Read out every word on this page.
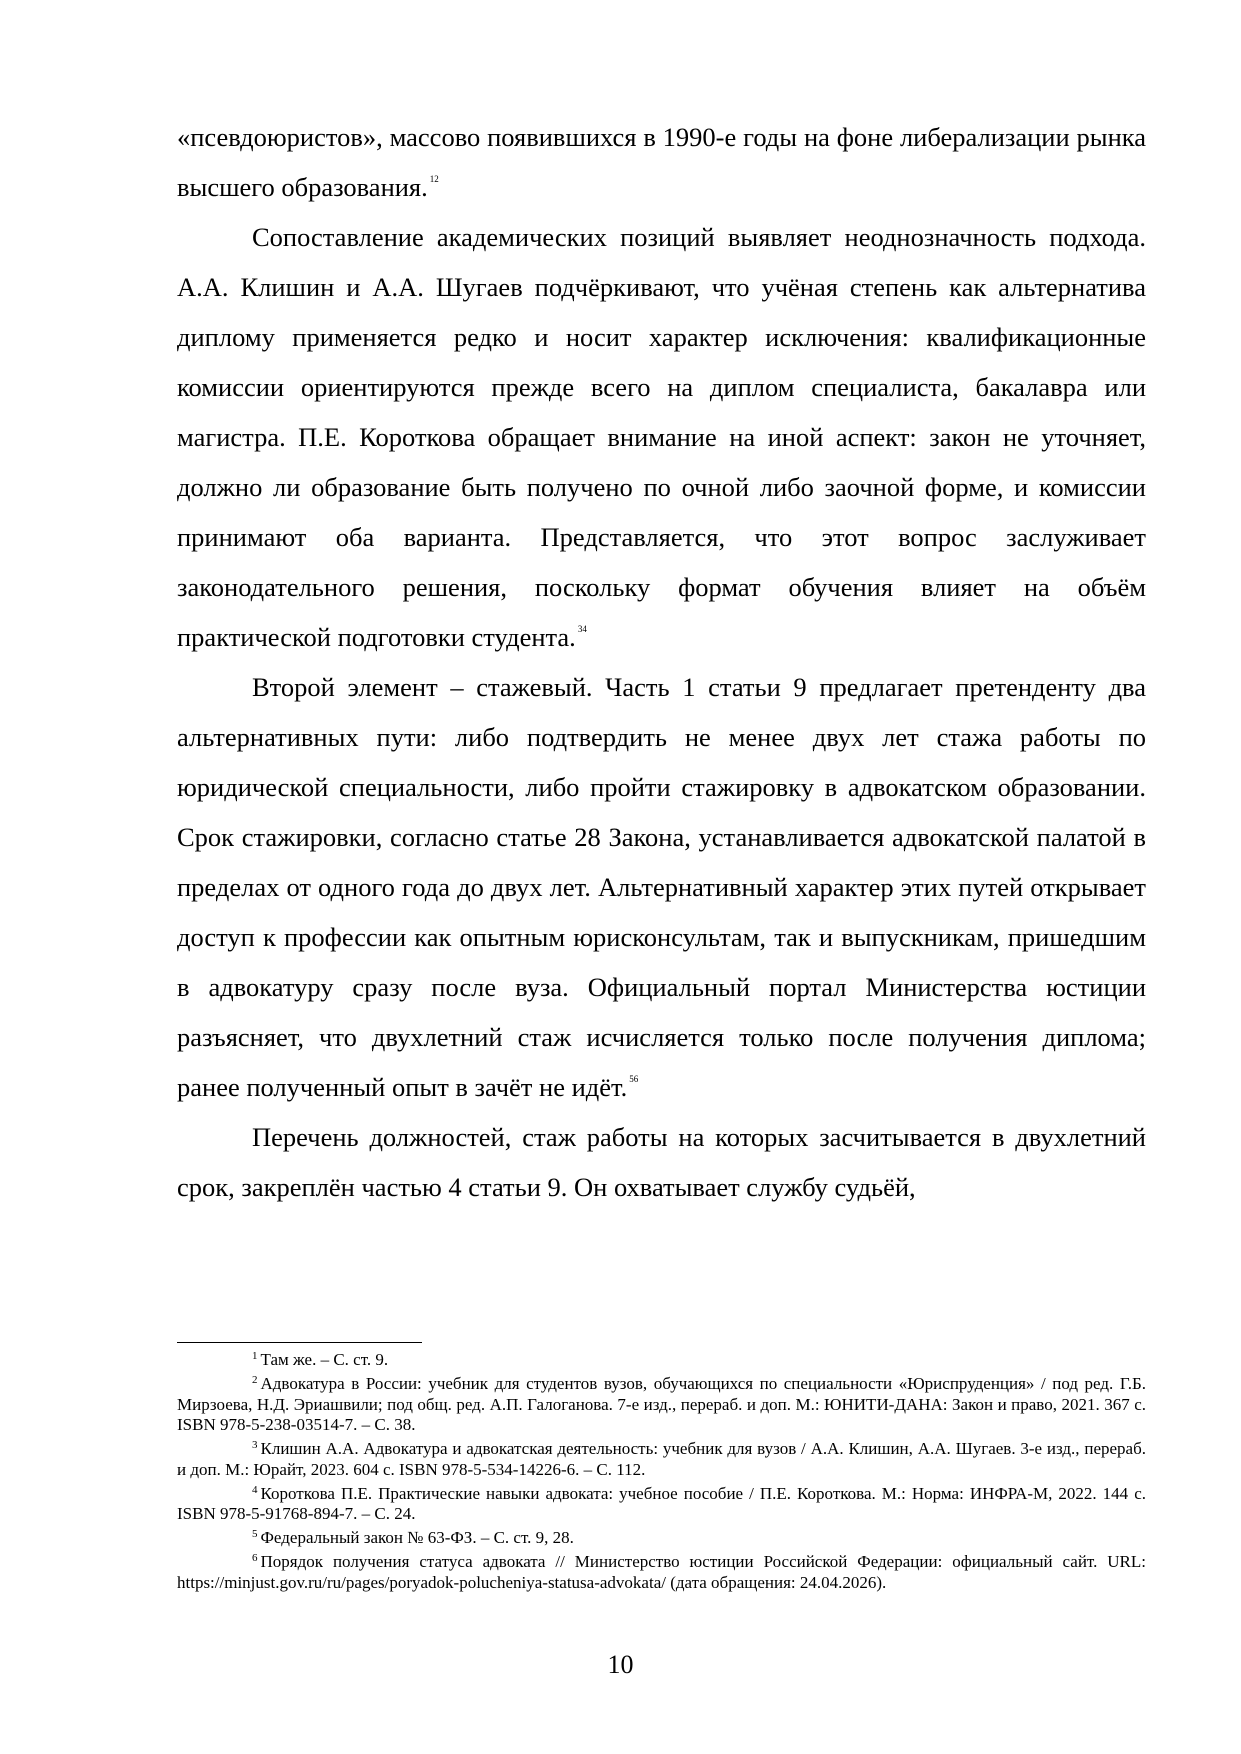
«псевдоюристов», массово появившихся в 1990-е годы на фоне либерализации рынка высшего образования. $^{12}$

Сопоставление академических позиций выявляет неоднозначность подхода. А.А. Клишин и А.А. Шугаев подчёркивают, что учёная степень как альтернатива диплому применяется редко и носит характер исключения: квалификационные комиссии ориентируются прежде всего на диплом специалиста, бакалавра или магистра. П.Е. Короткова обращает внимание на иной аспект: закон не уточняет, должно ли образование быть получено по очной либо заочной форме, и комиссии принимают оба варианта. Представляется, что этот вопрос заслуживает законодательного решения, поскольку формат обучения влияет на объём практической подготовки студента. $^{34}$

Второй элемент – стажевый. Часть 1 статьи 9 предлагает претенденту два альтернативных пути: либо подтвердить не менее двух лет стажа работы по юридической специальности, либо пройти стажировку в адвокатском образовании. Срок стажировки, согласно статье 28 Закона, устанавливается адвокатской палатой в пределах от одного года до двух лет. Альтернативный характер этих путей открывает доступ к профессии как опытным юрисконсультам, так и выпускникам, пришедшим в адвокатуру сразу после вуза. Официальный портал Министерства юстиции разъясняет, что двухлетний стаж исчисляется только после получения диплома; ранее полученный опыт в зачёт не идёт. $^{56}$

Перечень должностей, стаж работы на которых засчитывается в двухлетний срок, закреплён частью 4 статьи 9. Он охватывает службу судьёй,

$^1$ Там же. – С. ст. 9.

$^2$ Адвокатура в России: учебник для студентов вузов, обучающихся по специальности «Юриспруденция» / под ред. Г.Б. Мирзоева, Н.Д. Эриашвили; под общ. ред. А.П. Галоганова. 7-е изд., перераб. и доп. М.: ЮНИТИ-ДАНА: Закон и право, 2021. 367 с. ISBN 978-5-238-03514-7. – С. 38.

$^3$ Клишин А.А. Адвокатура и адвокатская деятельность: учебник для вузов / А.А. Клишин, А.А. Шугаев. 3-е изд., перераб. и доп. М.: Юрайт, 2023. 604 с. ISBN 978-5-534-14226-6. – С. 112.

$^4$ Короткова П.Е. Практические навыки адвоката: учебное пособие / П.Е. Короткова. М.: Норма: ИНФРА-М, 2022. 144 с. ISBN 978-5-91768-894-7. – С. 24.

$^5$ Федеральный закон № 63-ФЗ. – С. ст. 9, 28.

$^6$ Порядок получения статуса адвоката // Министерство юстиции Российской Федерации: официальный сайт. URL: https://minjust.gov.ru/ru/pages/poryadok-polucheniya-statusa-advokata/ (дата обращения: 24.04.2026).

10
